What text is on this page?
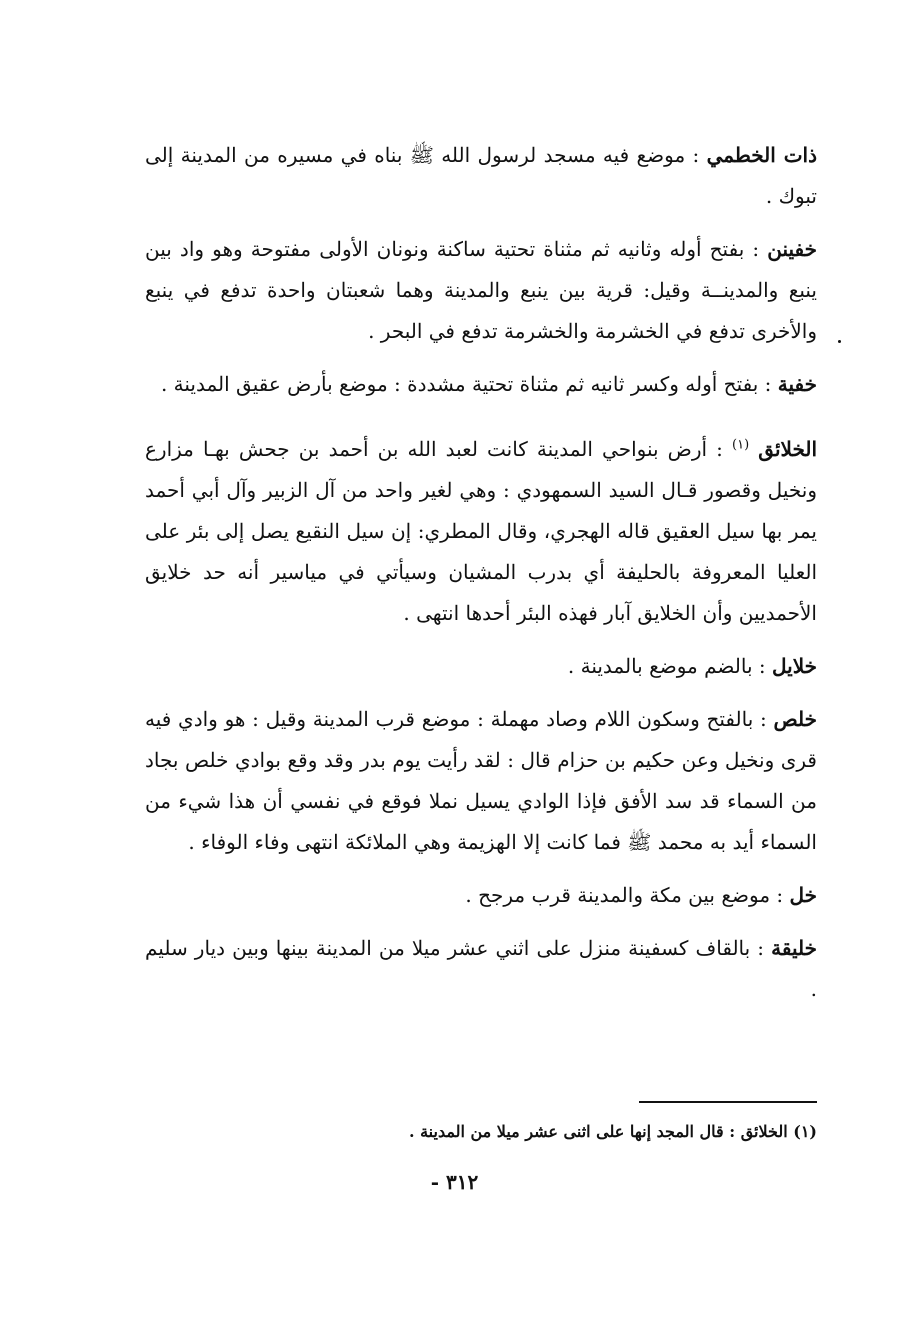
ذات الخطمي : موضع فيه مسجد لرسول الله ﷺ بناه في مسيره من المدينة إلى تبوك .

خفينن : بفتح أوله وثانيه ثم مثناة تحتية ساكنة ونونان الأولى مفتوحة وهو واد بين ينبع والمدينــة وقيل: قرية بين ينبع والمدينة وهما شعبتان واحدة تدفع في ينبع والأخرى تدفع في الخشرمة والخشرمة تدفع في البحر .

خفية : بفتح أوله وكسر ثانيه ثم مثناة تحتية مشددة : موضع بأرض عقيق المدينة .

الخلائق $^{(١)}$ : أرض بنواحي المدينة كانت لعبد الله بن أحمد بن جحش بهـا مزارع ونخيل وقصور قـال السيد السمهودي : وهي لغير واحد من آل الزبير وآل أبي أحمد يمر بها سيل العقيق قاله الهجري، وقال المطري: إن سيل النقيع يصل إلى بئر على العليا المعروفة بالحليفة أي بدرب المشيان وسيأتي في مياسير أنه حد خلايق الأحمديين وأن الخلايق آبار فهذه البئر أحدها انتهى .

خلايل : بالضم موضع بالمدينة .

خلص : بالفتح وسكون اللام وصاد مهملة : موضع قرب المدينة وقيل : هو وادي فيه قرى ونخيل وعن حكيم بن حزام قال : لقد رأيت يوم بدر وقد وقع بوادي خلص بجاد من السماء قد سد الأفق فإذا الوادي يسيل نملا فوقع في نفسي أن هذا شيء من السماء أيد به محمد ﷺ فما كانت إلا الهزيمة وهي الملائكة انتهى وفاء الوفاء .

خل : موضع بين مكة والمدينة قرب مرجح .

خليقة : بالقاف كسفينة منزل على اثني عشر ميلا من المدينة بينها وبين ديار سليم .

(١) الخلائق : قال المجد إنها على اثنى عشر ميلا من المدينة .
٣١٢ -
